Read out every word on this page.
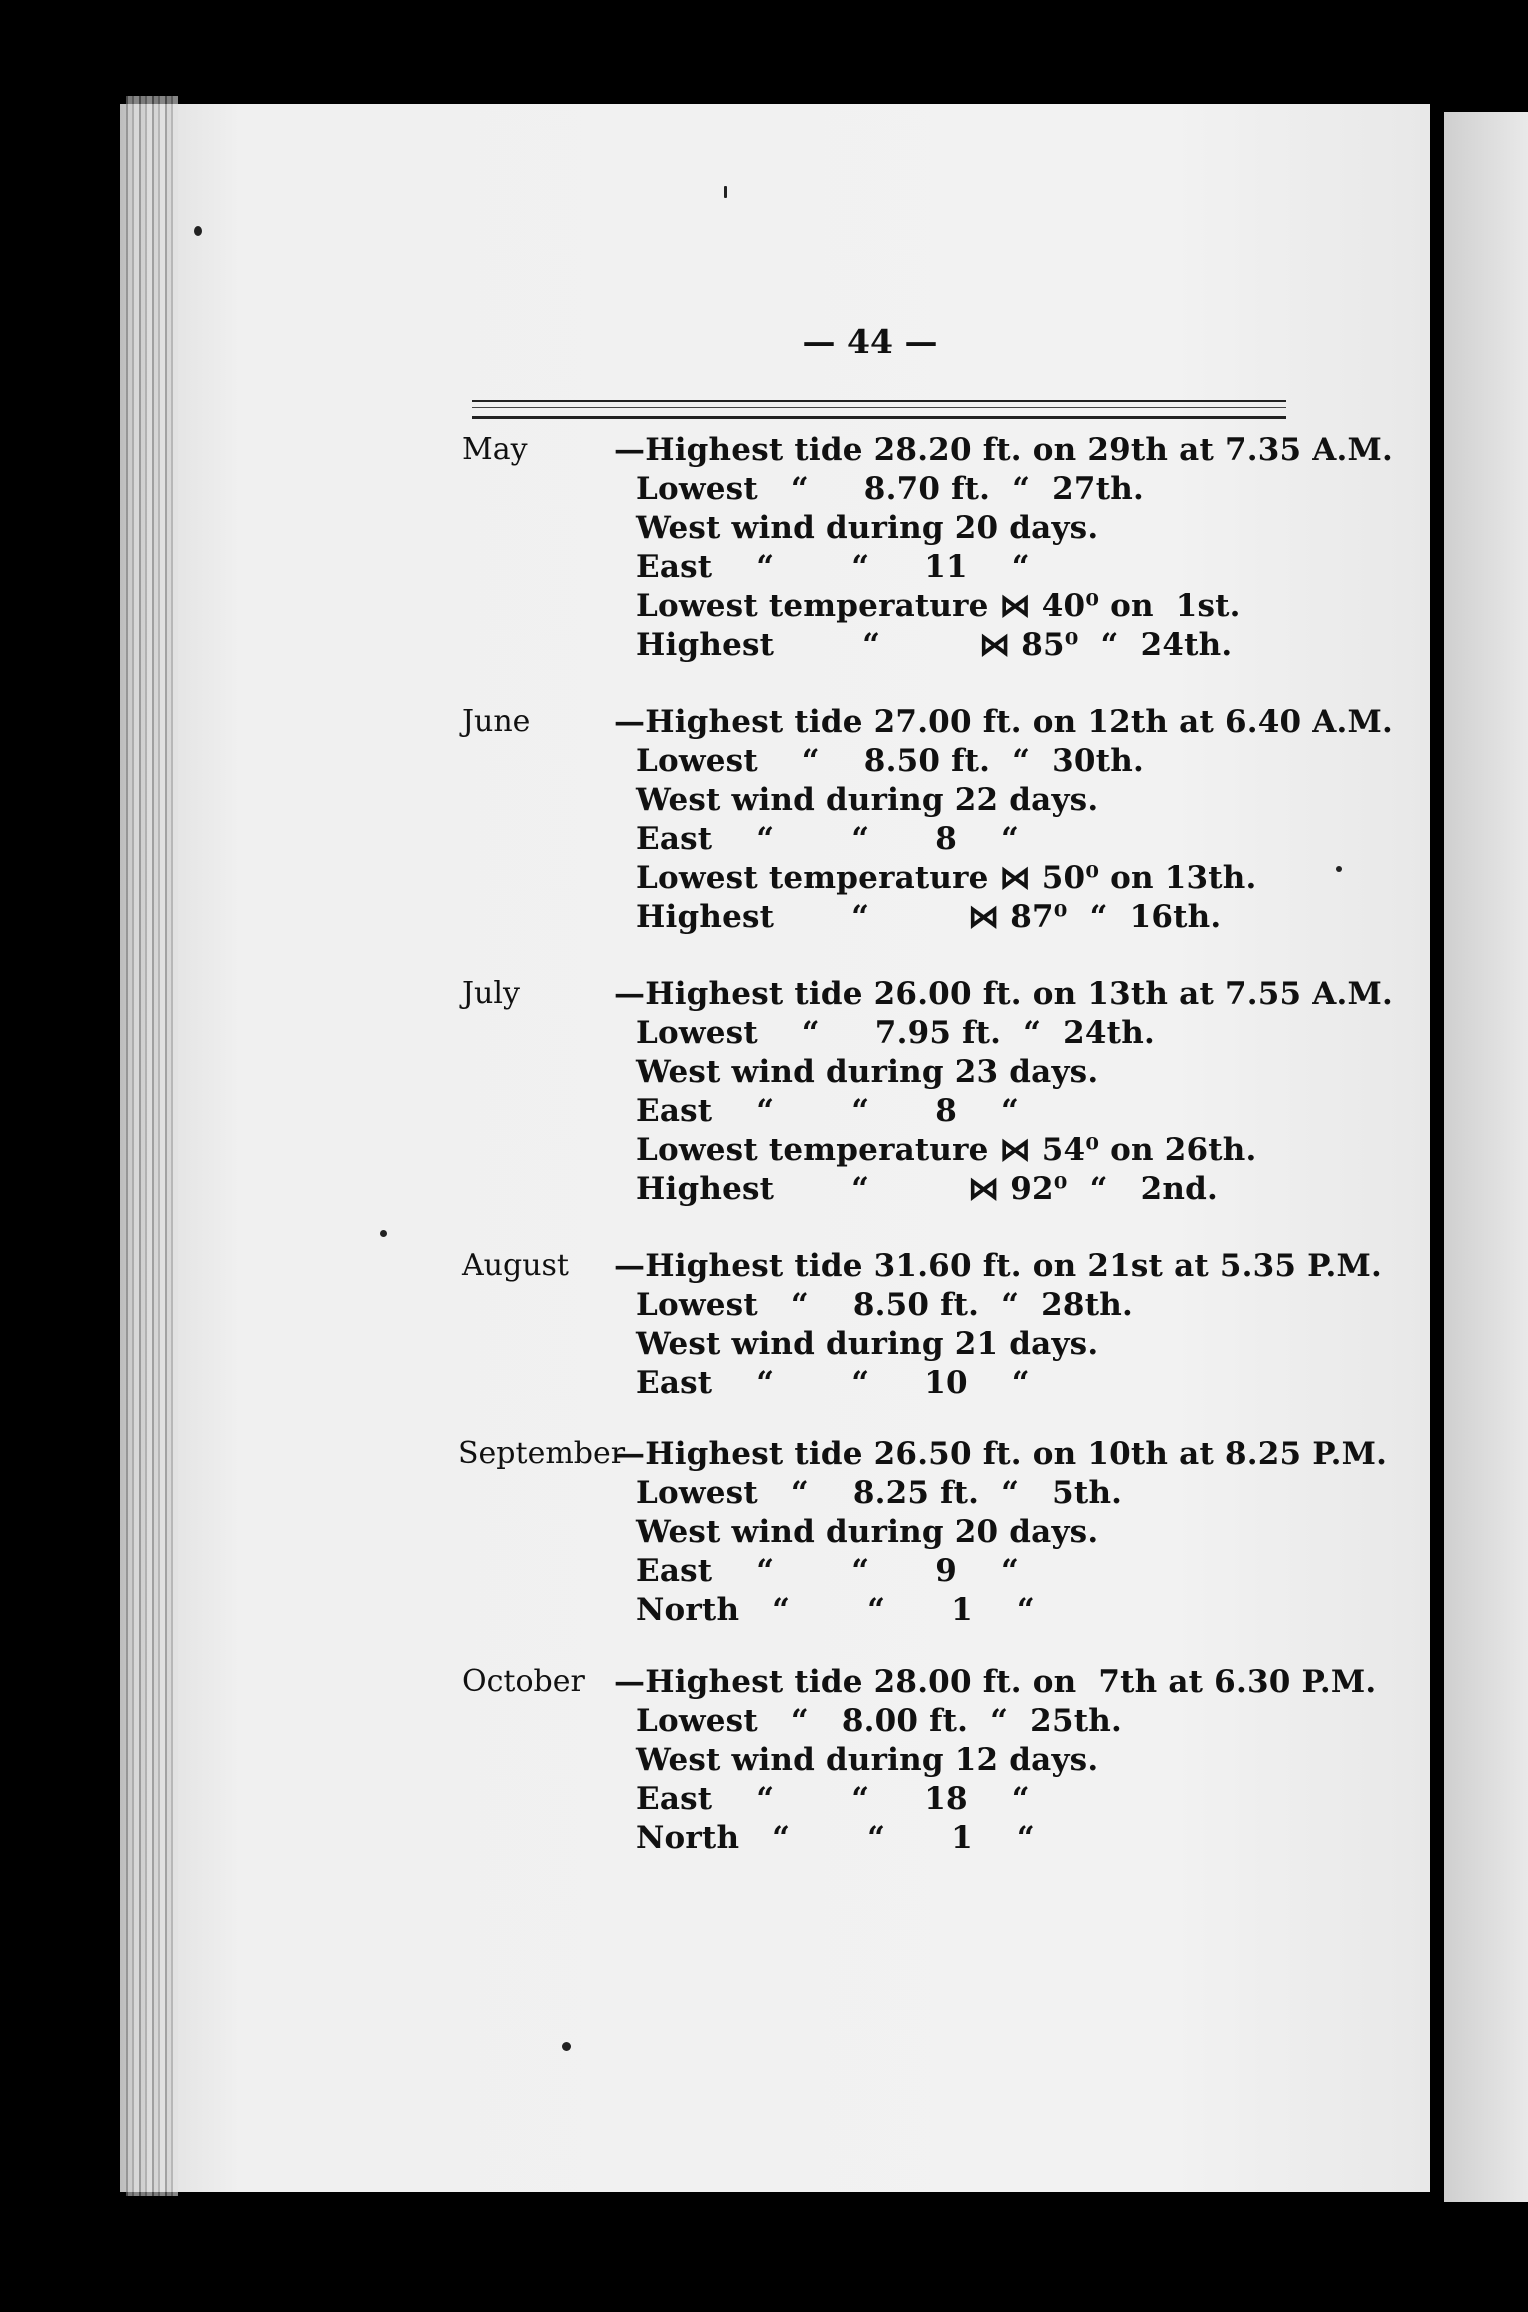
— 44 —
May	—Highest tide 28.20 ft. on 29th at 7.35 A.M.
Lowest   “     8.70 ft.  “  27th.
West wind during 20 days.
East    “       “     11    “
Lowest temperature ⋈ 40⁰ on  1st.
Highest        “         ⋈ 85⁰  “  24th.
June	—Highest tide 27.00 ft. on 12th at 6.40 A.M.
Lowest    “    8.50 ft.  “  30th.
West wind during 22 days.
East    “       “      8    “
Lowest temperature ⋈ 50⁰ on 13th.
Highest       “         ⋈ 87⁰  “  16th.
July	—Highest tide 26.00 ft. on 13th at 7.55 A.M.
Lowest    “     7.95 ft.  “  24th.
West wind during 23 days.
East    “       “      8    “
Lowest temperature ⋈ 54⁰ on 26th.
Highest       “         ⋈ 92⁰  “   2nd.
August —Highest tide 31.60 ft. on 21st at 5.35 P.M.
Lowest   “    8.50 ft.  “  28th.
West wind during 21 days.
East    “       “     10    “
September
—Highest tide 26.50 ft. on 10th at 8.25 P.M.
Lowest   “    8.25 ft.  “   5th.
West wind during 20 days.
East    “       “      9    “
North   “       “      1    “
October —Highest tide 28.00 ft. on  7th at 6.30 P.M.
Lowest   “   8.00 ft.  “  25th.
West wind during 12 days.
East    “       “     18    “
North   “       “      1    “
